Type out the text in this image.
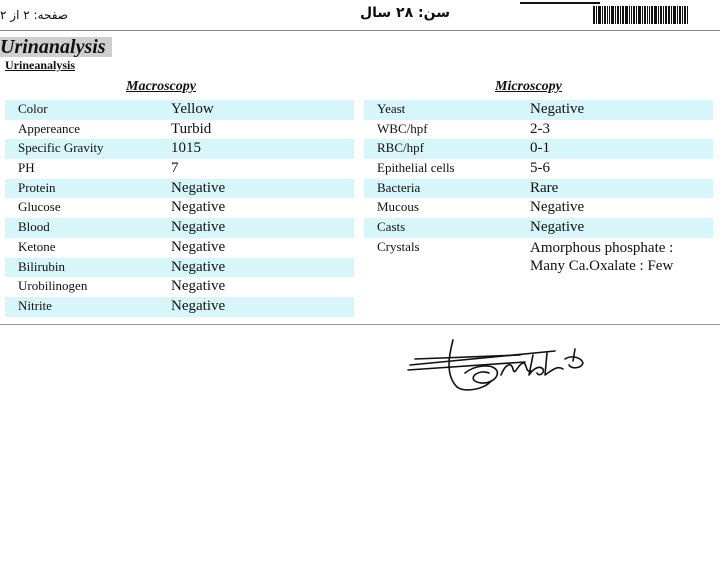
صفحه: ۲ از ۲	سن: ۲۸ سال
Urinanalysis
Urineanalysis
Macroscopy	Microscopy
Color	Yellow
Appereance	Turbid
Specific Gravity	1015
PH	7
Protein	Negative
Glucose	Negative
Blood	Negative
Ketone	Negative
Bilirubin	Negative
Urobilinogen	Negative
Nitrite	Negative
Yeast	Negative
WBC/hpf	2-3
RBC/hpf	0-1
Epithelial cells	5-6
Bacteria	Rare
Mucous	Negative
Casts	Negative
Crystals	Amorphous phosphate :
Many Ca.Oxalate : Few
